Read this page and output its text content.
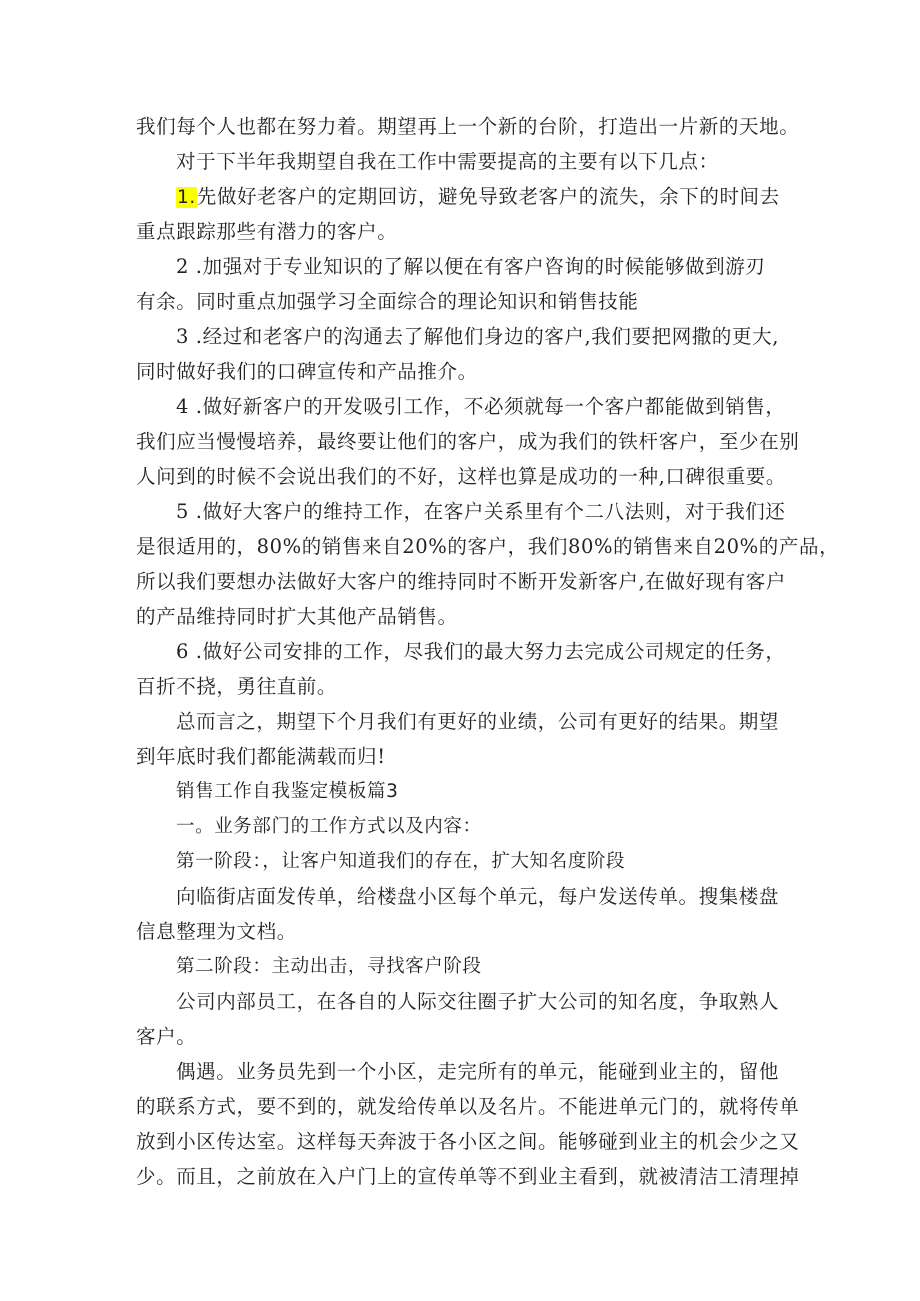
我们每个人也都在努力着。期望再上一个新的台阶，打造出一片新的天地。
对于下半年我期望自我在工作中需要提高的主要有以下几点：
1.先做好老客户的定期回访，避免导致老客户的流失，余下的时间去
重点跟踪那些有潜力的客户。
2 .加强对于专业知识的了解以便在有客户咨询的时候能够做到游刃
有余。同时重点加强学习全面综合的理论知识和销售技能
3 .经过和老客户的沟通去了解他们身边的客户,我们要把网撒的更大,
同时做好我们的口碑宣传和产品推介。
4 .做好新客户的开发吸引工作，不必须就每一个客户都能做到销售，
我们应当慢慢培养，最终要让他们的客户，成为我们的铁杆客户，至少在别
人问到的时候不会说出我们的不好，这样也算是成功的一种,口碑很重要。
5 .做好大客户的维持工作，在客户关系里有个二八法则，对于我们还
是很适用的，80%的销售来自20%的客户，我们80%的销售来自20%的产品，
所以我们要想办法做好大客户的维持同时不断开发新客户,在做好现有客户
的产品维持同时扩大其他产品销售。
6 .做好公司安排的工作，尽我们的最大努力去完成公司规定的任务，
百折不挠，勇往直前。
总而言之，期望下个月我们有更好的业绩，公司有更好的结果。期望
到年底时我们都能满载而归!
销售工作自我鉴定模板篇3
一。业务部门的工作方式以及内容：
第一阶段：，让客户知道我们的存在，扩大知名度阶段
向临街店面发传单，给楼盘小区每个单元，每户发送传单。搜集楼盘
信息整理为文档。
第二阶段：主动出击，寻找客户阶段
公司内部员工，在各自的人际交往圈子扩大公司的知名度，争取熟人
客户。
偶遇。业务员先到一个小区，走完所有的单元，能碰到业主的，留他
的联系方式，要不到的，就发给传单以及名片。不能进单元门的，就将传单
放到小区传达室。这样每天奔波于各小区之间。能够碰到业主的机会少之又
少。而且，之前放在入户门上的宣传单等不到业主看到，就被清洁工清理掉
